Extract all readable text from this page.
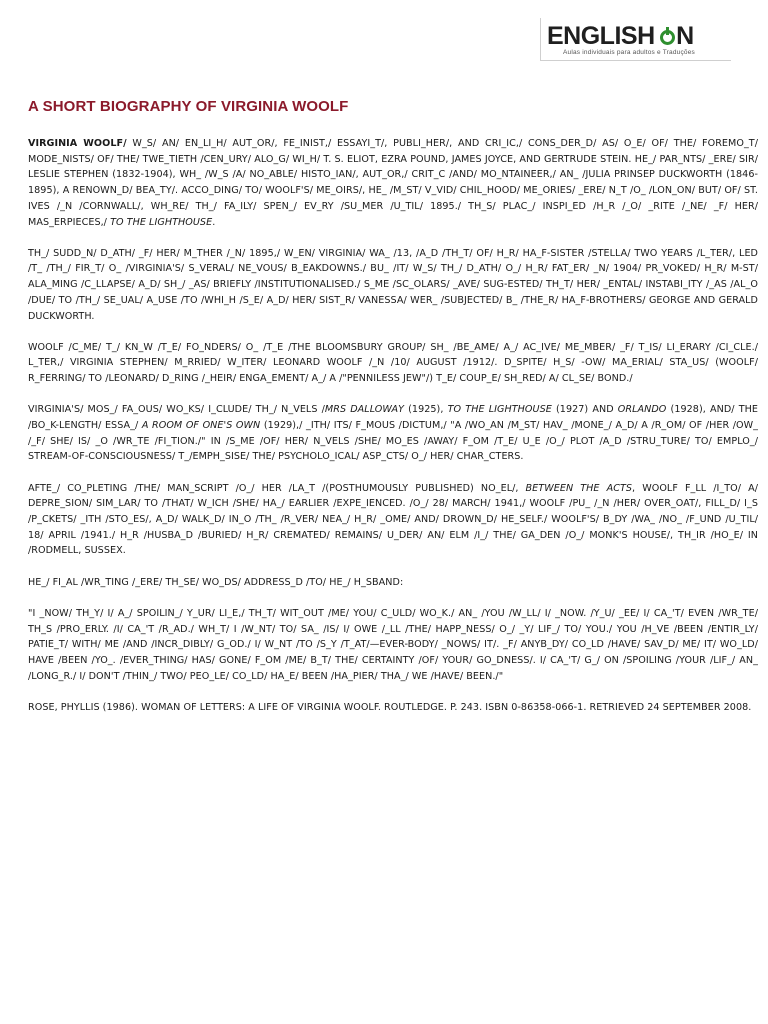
ENGLISH  N
Aulas individuais para adultos e Traduções
A SHORT BIOGRAPHY OF VIRGINIA WOOLF

VIRGINIA WOOLF/ W_S/ AN/ EN_LI_H/ AUT_OR/, FE_INIST,/ ESSAYI_T/, PUBLI_HER/, AND CRI_IC,/ CONS_DER_D/ AS/ O_E/ OF/ THE/ FOREMO_T/ MODE_NISTS/ OF/ THE/ TWE_TIETH /CEN_URY/ ALO_G/ WI_H/ T. S. ELIOT, EZRA POUND, JAMES JOYCE, AND GERTRUDE STEIN. HE_/ PAR_NTS/ _ERE/ SIR/ LESLIE STEPHEN (1832-1904), WH_ /W_S /A/ NO_ABLE/ HISTO_IAN/, AUT_OR,/ CRIT_C /AND/ MO_NTAINEER,/ AN_ /JULIA PRINSEP DUCKWORTH (1846-1895), A RENOWN_D/ BEA_TY/. ACCO_DING/ TO/ WOOLF'S/ ME_OIRS/, HE_ /M_ST/ V_VID/ CHIL_HOOD/ ME_ORIES/ _ERE/ N_T /O_ /LON_ON/ BUT/ OF/ ST. IVES /_N /CORNWALL/, WH_RE/ TH_/ FA_ILY/ SPEN_/ EV_RY /SU_MER /U_TIL/ 1895./ TH_S/ PLAC_/ INSPI_ED /H_R /_O/ _RITE /_NE/ _F/ HER/ MAS_ERPIECES,/ TO THE LIGHTHOUSE.

TH_/ SUDD_N/ D_ATH/ _F/ HER/ M_THER /_N/ 1895,/ W_EN/ VIRGINIA/ WA_ /13, /A_D /TH_T/ OF/ H_R/ HA_F-SISTER /STELLA/ TWO YEARS /L_TER/, LED /T_ /TH_/ FIR_T/ O_ /VIRGINIA'S/ S_VERAL/ NE_VOUS/ B_EAKDOWNS./ BU_ /IT/ W_S/ TH_/ D_ATH/ O_/ H_R/ FAT_ER/ _N/ 1904/ PR_VOKED/ H_R/ M-ST/ ALA_MING /C_LLAPSE/ A_D/ SH_/ _AS/ BRIEFLY /INSTITUTIONALISED./ S_ME /SC_OLARS/ _AVE/ SUG-ESTED/ TH_T/ HER/ _ENTAL/ INSTABI_ITY /_AS /AL_O /DUE/ TO /TH_/ SE_UAL/ A_USE /TO /WHI_H /S_E/ A_D/ HER/ SIST_R/ VANESSA/ WER_ /SUBJECTED/ B_ /THE_R/ HA_F-BROTHERS/ GEORGE AND GERALD DUCKWORTH.

WOOLF /C_ME/ T_/ KN_W /T_E/ FO_NDERS/ O_ /T_E /THE BLOOMSBURY GROUP/ SH_ /BE_AME/ A_/ AC_IVE/ ME_MBER/ _F/ T_IS/ LI_ERARY /CI_CLE./ L_TER,/ VIRGINIA STEPHEN/ M_RRIED/ W_ITER/ LEONARD WOOLF /_N /10/ AUGUST /1912/. D_SPITE/ H_S/ -OW/ MA_ERIAL/ STA_US/ (WOOLF/ R_FERRING/ TO /LEONARD/ D_RING /_HEIR/ ENGA_EMENT/ A_/ A /"PENNILESS JEW"/) T_E/ COUP_E/ SH_RED/ A/ CL_SE/ BOND./

VIRGINIA'S/ MOS_/ FA_OUS/ WO_KS/ I_CLUDE/ TH_/ N_VELS /MRS DALLOWAY (1925), TO THE LIGHTHOUSE (1927) AND ORLANDO (1928), AND/ THE /BO_K-LENGTH/ ESSA_/ A ROOM OF ONE'S OWN (1929),/ _ITH/ ITS/ F_MOUS /DICTUM,/ "A /WO_AN /M_ST/ HAV_ /MONE_/ A_D/ A /R_OM/ OF /HER /OW_ /_F/ SHE/ IS/ _O /WR_TE /FI_TION./" IN /S_ME /OF/ HER/ N_VELS /SHE/ MO_ES /AWAY/ F_OM /T_E/ U_E /O_/ PLOT /A_D /STRU_TURE/ TO/ EMPLO_/ STREAM-OF-CONSCIOUSNESS/ T_/EMPH_SISE/ THE/ PSYCHOLO_ICAL/ ASP_CTS/ O_/ HER/ CHAR_CTERS.

AFTE_/ CO_PLETING /THE/ MAN_SCRIPT /O_/ HER /LA_T /(POSTHUMOUSLY PUBLISHED) NO_EL/, BETWEEN THE ACTS, WOOLF F_LL /I_TO/ A/ DEPRE_SION/ SIM_LAR/ TO /THAT/ W_ICH /SHE/ HA_/ EARLIER /EXPE_IENCED. /O_/ 28/ MARCH/ 1941,/ WOOLF /PU_ /_N /HER/ OVER_OAT/, FILL_D/ I_S /P_CKETS/ _ITH /STO_ES/, A_D/ WALK_D/ IN_O /TH_ /R_VER/ NEA_/ H_R/ _OME/ AND/ DROWN_D/ HE_SELF./ WOOLF'S/ B_DY /WA_ /NO_ /F_UND /U_TIL/ 18/ APRIL /1941./ H_R /HUSBA_D /BURIED/ H_R/ CREMATED/ REMAINS/ U_DER/ AN/ ELM /I_/ THE/ GA_DEN /O_/ MONK'S HOUSE/, TH_IR /HO_E/ IN /RODMELL, SUSSEX.

HE_/ FI_AL /WR_TING /_ERE/ TH_SE/ WO_DS/ ADDRESS_D /TO/ HE_/ H_SBAND:

"I _NOW/ TH_Y/ I/ A_/ SPOILIN_/ Y_UR/ LI_E,/ TH_T/ WIT_OUT /ME/ YOU/ C_ULD/ WO_K./ AN_ /YOU /W_LL/ I/ _NOW. /Y_U/ _EE/ I/ CA_'T/ EVEN /WR_TE/ TH_S /PRO_ERLY. /I/ CA_'T /R_AD./ WH_T/ I /W_NT/ TO/ SA_ /IS/ I/ OWE /_LL /THE/ HAPP_NESS/ O_/ _Y/ LIF_/ TO/ YOU./ YOU /H_VE /BEEN /ENTIR_LY/ PATIE_T/ WITH/ ME /AND /INCR_DIBLY/ G_OD./ I/ W_NT /TO /S_Y /T_AT/—EVER-BODY/ _NOWS/ IT/. _F/ ANYB_DY/ CO_LD /HAVE/ SAV_D/ ME/ IT/ WO_LD/ HAVE /BEEN /YO_. /EVER_THING/ HAS/ GONE/ F_OM /ME/ B_T/ THE/ CERTAINTY /OF/ YOUR/ GO_DNESS/. I/ CA_'T/ G_/ ON /SPOILING /YOUR /LIF_/ AN_ /LONG_R./ I/ DON'T /THIN_/ TWO/ PEO_LE/ CO_LD/ HA_E/ BEEN /HA_PIER/ THA_/ WE /HAVE/ BEEN./"

ROSE, PHYLLIS (1986). WOMAN OF LETTERS: A LIFE OF VIRGINIA WOOLF. ROUTLEDGE. P. 243. ISBN 0-86358-066-1. RETRIEVED 24 SEPTEMBER 2008.
